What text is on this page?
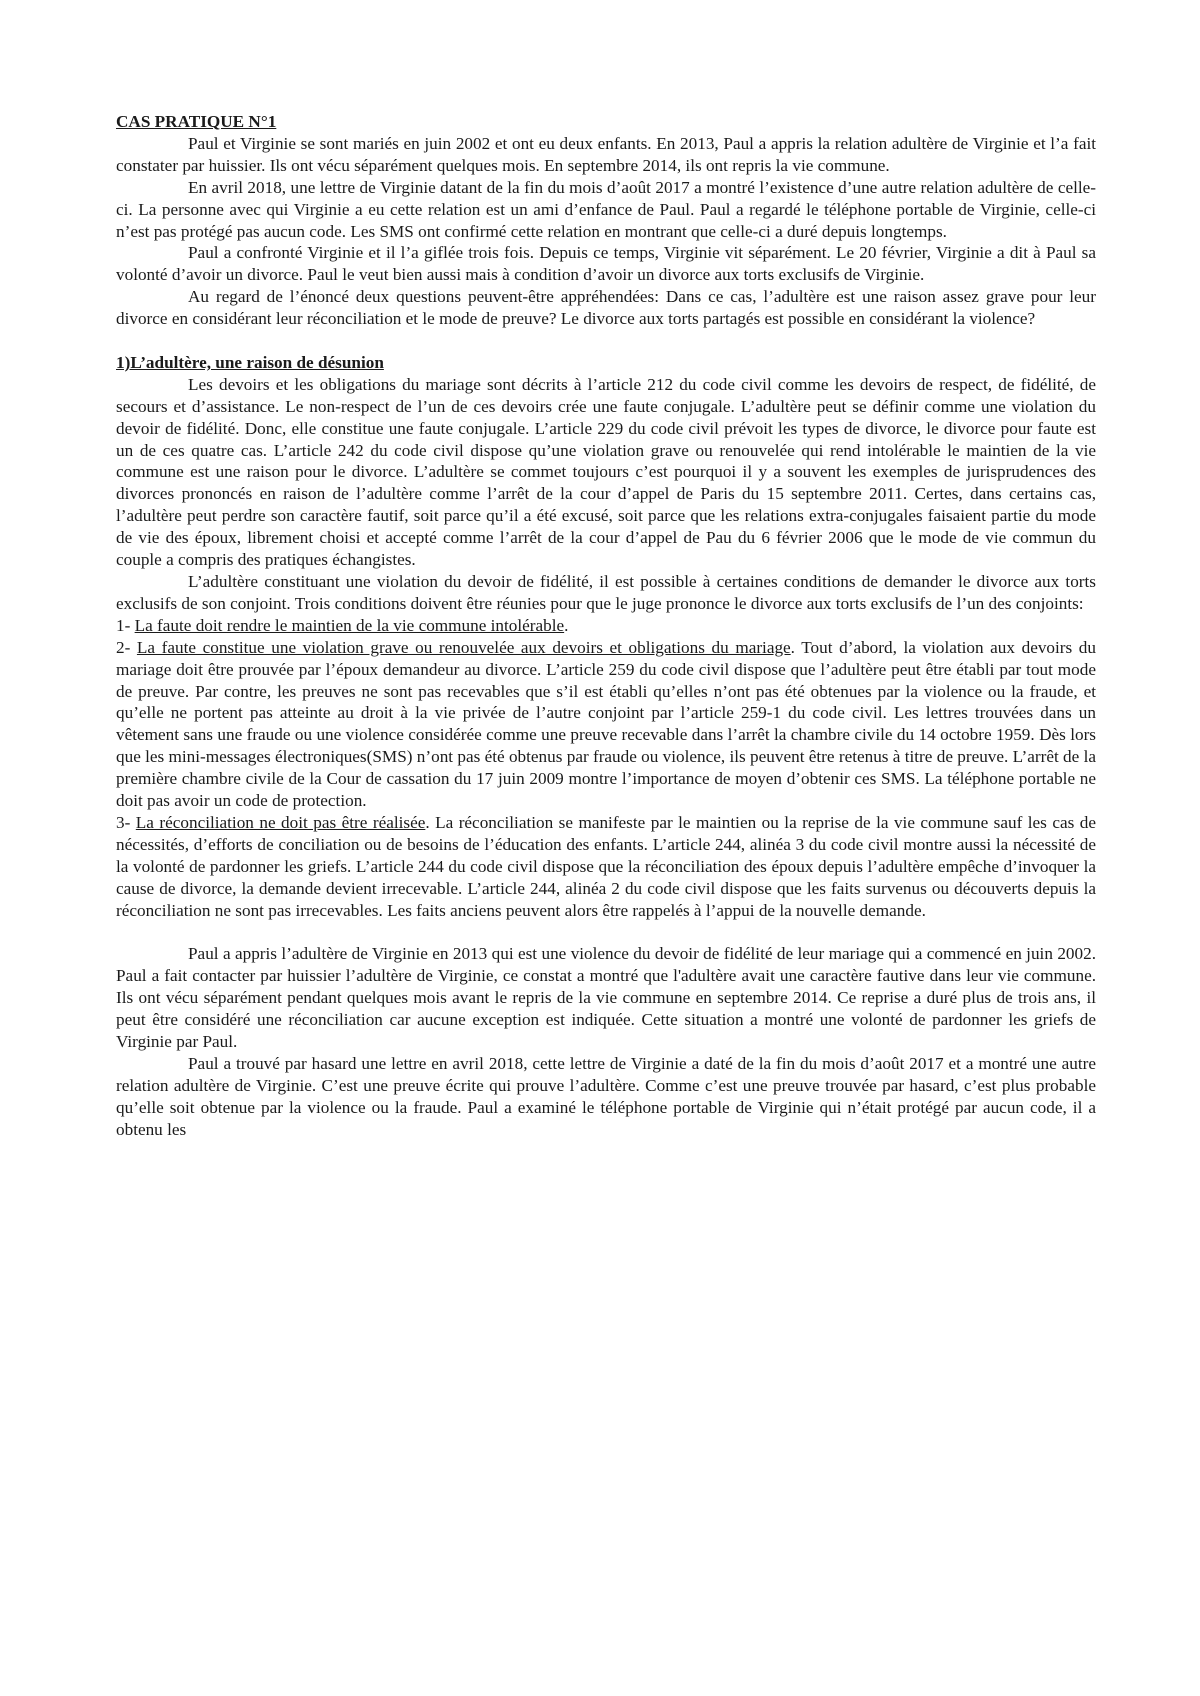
CAS PRATIQUE N°1

Paul et Virginie se sont mariés en juin 2002 et ont eu deux enfants. En 2013, Paul a appris la relation adultère de Virginie et l’a fait constater par huissier. Ils ont vécu séparément quelques mois. En septembre 2014, ils ont repris la vie commune.

En avril 2018, une lettre de Virginie datant de la fin du mois d’août 2017 a montré l’existence d’une autre relation adultère de celle-ci. La personne avec qui Virginie a eu cette relation est un ami d’enfance de Paul. Paul a regardé le téléphone portable de Virginie, celle-ci n’est pas protégé pas aucun code. Les SMS ont confirmé cette relation en montrant que celle-ci a duré depuis longtemps.

Paul a confronté Virginie et il l’a giflée trois fois. Depuis ce temps, Virginie vit séparément. Le 20 février, Virginie a dit à Paul sa volonté d’avoir un divorce. Paul le veut bien aussi mais à condition d’avoir un divorce aux torts exclusifs de Virginie.

Au regard de l’énoncé deux questions peuvent-être appréhendées: Dans ce cas, l’adultère est une raison assez grave pour leur divorce en considérant leur réconciliation et le mode de preuve? Le divorce aux torts partagés est possible en considérant la violence?

1)L’adultère, une raison de désunion

Les devoirs et les obligations du mariage sont décrits à l’article 212 du code civil comme les devoirs de respect, de fidélité, de secours et d’assistance. Le non-respect de l’un de ces devoirs crée une faute conjugale. L’adultère peut se définir comme une violation du devoir de fidélité. Donc, elle constitue une faute conjugale. L’article 229 du code civil prévoit les types de divorce, le divorce pour faute est un de ces quatre cas. L’article 242 du code civil dispose qu’une violation grave ou renouvelée qui rend intolérable le maintien de la vie commune est une raison pour le divorce. L’adultère se commet toujours c’est pourquoi il y a souvent les exemples de jurisprudences des divorces prononcés en raison de l’adultère comme l’arrêt de la cour d’appel de Paris du 15 septembre 2011. Certes, dans certains cas, l’adultère peut perdre son caractère fautif, soit parce qu’il a été excusé, soit parce que les relations extra-conjugales faisaient partie du mode de vie des époux, librement choisi et accepté comme l’arrêt de la cour d’appel de Pau du 6 février 2006 que le mode de vie commun du couple a compris des pratiques échangistes.

L’adultère constituant une violation du devoir de fidélité, il est possible à certaines conditions de demander le divorce aux torts exclusifs de son conjoint. Trois conditions doivent être réunies pour que le juge prononce le divorce aux torts exclusifs de l’un des conjoints:

1- La faute doit rendre le maintien de la vie commune intolérable.

2- La faute constitue une violation grave ou renouvelée aux devoirs et obligations du mariage. Tout d’abord, la violation aux devoirs du mariage doit être prouvée par l’époux demandeur au divorce. L’article 259 du code civil dispose que l’adultère peut être établi par tout mode de preuve. Par contre, les preuves ne sont pas recevables que s’il est établi qu’elles n’ont pas été obtenues par la violence ou la fraude, et qu’elle ne portent pas atteinte au droit à la vie privée de l’autre conjoint par l’article 259-1 du code civil. Les lettres trouvées dans un vêtement sans une fraude ou une violence considérée comme une preuve recevable dans l’arrêt la chambre civile du 14 octobre 1959. Dès lors que les mini-messages électroniques(SMS) n’ont pas été obtenus par fraude ou violence, ils peuvent être retenus à titre de preuve. L’arrêt de la première chambre civile de la Cour de cassation du 17 juin 2009 montre l’importance de moyen d’obtenir ces SMS. La téléphone portable ne doit pas avoir un code de protection.

3- La réconciliation ne doit pas être réalisée. La réconciliation se manifeste par le maintien ou la reprise de la vie commune sauf les cas de nécessités, d’efforts de conciliation ou de besoins de l’éducation des enfants. L’article 244, alinéa 3 du code civil montre aussi la nécessité de la volonté de pardonner les griefs. L’article 244 du code civil dispose que la réconciliation des époux depuis l’adultère empêche d’invoquer la cause de divorce, la demande devient irrecevable. L’article 244, alinéa 2 du code civil dispose que les faits survenus ou découverts depuis la réconciliation ne sont pas irrecevables. Les faits anciens peuvent alors être rappelés à l’appui de la nouvelle demande.

Paul a appris l’adultère de Virginie en 2013 qui est une violence du devoir de fidélité de leur mariage qui a commencé en juin 2002. Paul a fait contacter par huissier l’adultère de Virginie, ce constat a montré que l'adultère avait une caractère fautive dans leur vie commune. Ils ont vécu séparément pendant quelques mois avant le repris de la vie commune en septembre 2014. Ce reprise a duré plus de trois ans, il peut être considéré une réconciliation car aucune exception est indiquée. Cette situation a montré une volonté de pardonner les griefs de Virginie par Paul.

Paul a trouvé par hasard une lettre en avril 2018, cette lettre de Virginie a daté de la fin du mois d’août 2017 et a montré une autre relation adultère de Virginie. C’est une preuve écrite qui prouve l’adultère. Comme c’est une preuve trouvée par hasard, c’est plus probable qu’elle soit obtenue par la violence ou la fraude. Paul a examiné le téléphone portable de Virginie qui n’était protégé par aucun code, il a obtenu les
